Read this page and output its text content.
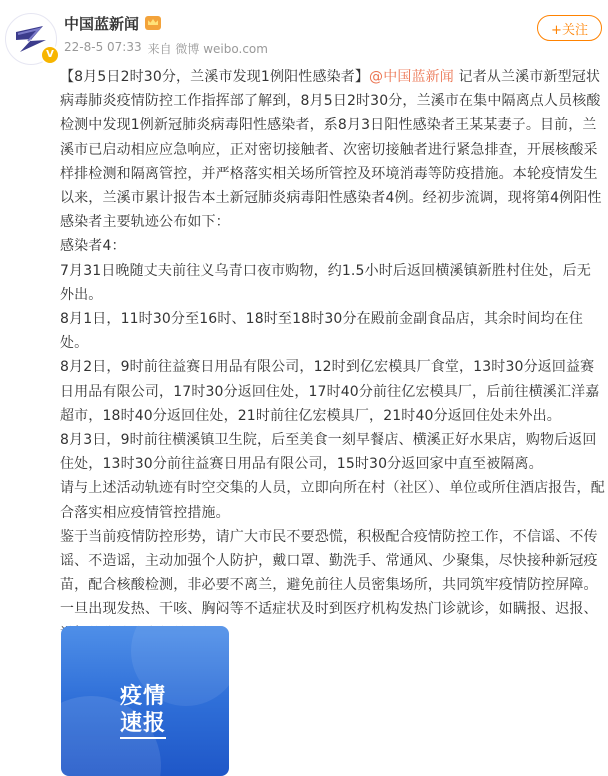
V
中国蓝新闻
22-8-5 07:33 来自 微博 weibo.com
+关注

【8月5日2时30分，兰溪市发现1例阳性感染者】@中国蓝新闻 记者从兰溪市新型冠状病毒肺炎疫情防控工作指挥部了解到，8月5日2时30分，兰溪市在集中隔离点人员核酸检测中发现1例新冠肺炎病毒阳性感染者，系8月3日阳性感染者王某某妻子。目前，兰溪市已启动相应应急响应，正对密切接触者、次密切接触者进行紧急排查，开展核酸采样排检测和隔离管控，并严格落实相关场所管控及环境消毒等防疫措施。本轮疫情发生以来，兰溪市累计报告本土新冠肺炎病毒阳性感染者4例。经初步流调，现将第4例阳性感染者主要轨迹公布如下：

感染者4：

7月31日晚随丈夫前往义乌青口夜市购物，约1.5小时后返回横溪镇新胜村住处，后无外出。

8月1日，11时30分至16时、18时至18时30分在殿前金副食品店，其余时间均在住处。

8月2日，9时前往益赛日用品有限公司，12时到亿宏模具厂食堂，13时30分返回益赛日用品有限公司，17时30分返回住处，17时40分前往亿宏模具厂，后前往横溪汇洋嘉超市，18时40分返回住处，21时前往亿宏模具厂，21时40分返回住处未外出。

8月3日，9时前往横溪镇卫生院，后至美食一刻早餐店、横溪正好水果店，购物后返回住处，13时30分前往益赛日用品有限公司，15时30分返回家中直至被隔离。

请与上述活动轨迹有时空交集的人员，立即向所在村（社区）、单位或所住酒店报告，配合落实相应疫情管控措施。

鉴于当前疫情防控形势，请广大市民不要恐慌，积极配合疫情防控工作，不信谣、不传谣、不造谣，主动加强个人防护，戴口罩、勤洗手、常通风、少聚集，尽快接种新冠疫苗，配合核酸检测，非必要不离兰，避免前往人员密集场所，共同筑牢疫情防控屏障。

一旦出现发热、干咳、胸闷等不适症状及时到医疗机构发热门诊就诊，如瞒报、迟报、

疫情
速报
